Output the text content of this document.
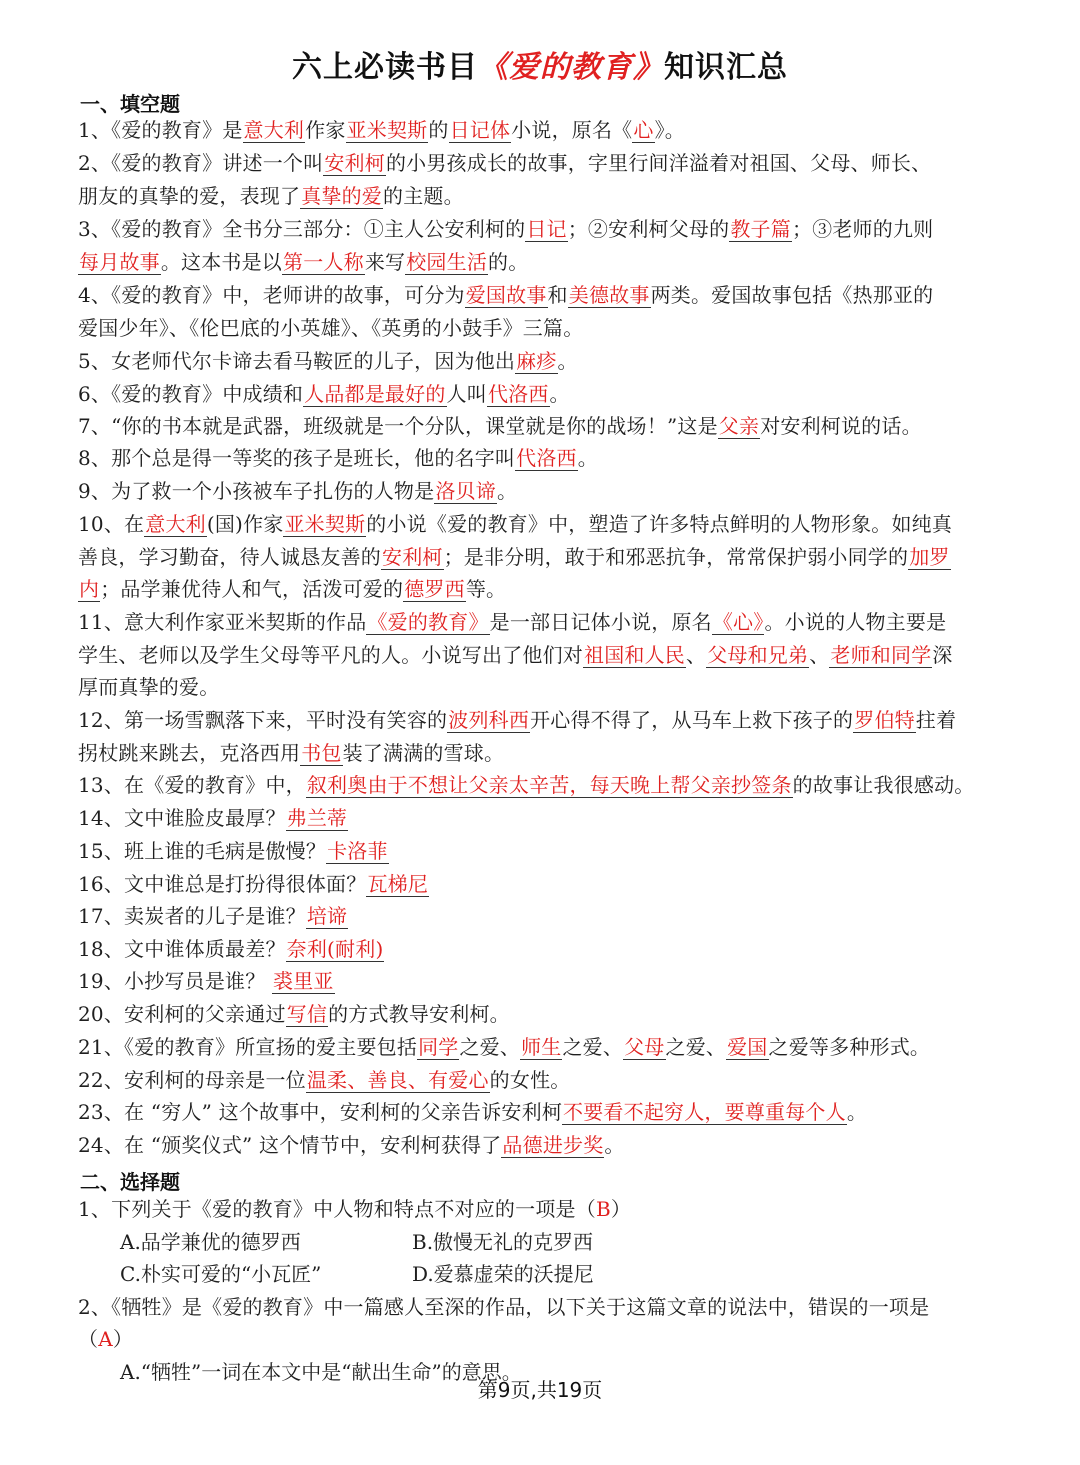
六上必读书目《爱的教育》知识汇总
一、填空题
1、《爱的教育》是意大利作家亚米契斯的日记体小说，原名《心》。
2、《爱的教育》讲述一个叫安利柯的小男孩成长的故事，字里行间洋溢着对祖国、父母、师长、
朋友的真挚的爱，表现了真挚的爱的主题。
3、《爱的教育》全书分三部分：①主人公安利柯的日记；②安利柯父母的教子篇；③老师的九则
每月故事。这本书是以第一人称来写校园生活的。
4、《爱的教育》中，老师讲的故事，可分为爱国故事和美德故事两类。爱国故事包括《热那亚的
爱国少年》、《伦巴底的小英雄》、《英勇的小鼓手》三篇。
5、女老师代尔卡谛去看马鞍匠的儿子，因为他出麻疹。
6、《爱的教育》中成绩和人品都是最好的人叫代洛西。
7、“你的书本就是武器，班级就是一个分队，课堂就是你的战场！”这是父亲对安利柯说的话。
8、那个总是得一等奖的孩子是班长，他的名字叫代洛西。
9、为了救一个小孩被车子扎伤的人物是洛贝谛。
10、在意大利(国)作家亚米契斯的小说《爱的教育》中，塑造了许多特点鲜明的人物形象。如纯真
善良，学习勤奋，待人诚恳友善的安利柯；是非分明，敢于和邪恶抗争，常常保护弱小同学的加罗
内；品学兼优待人和气，活泼可爱的德罗西等。
11、意大利作家亚米契斯的作品《爱的教育》是一部日记体小说，原名《心》。小说的人物主要是
学生、老师以及学生父母等平凡的人。小说写出了他们对祖国和人民、父母和兄弟、老师和同学深
厚而真挚的爱。
12、第一场雪飘落下来，平时没有笑容的波列科西开心得不得了，从马车上救下孩子的罗伯特拄着
拐杖跳来跳去，克洛西用书包装了满满的雪球。
13、在《爱的教育》中，叙利奥由于不想让父亲太辛苦，每天晚上帮父亲抄签条的故事让我很感动。
14、文中谁脸皮最厚？弗兰蒂
15、班上谁的毛病是傲慢？卡洛菲
16、文中谁总是打扮得很体面？瓦梯尼
17、卖炭者的儿子是谁？培谛
18、文中谁体质最差？奈利(耐利)
19、小抄写员是谁？ 裘里亚
20、安利柯的父亲通过写信的方式教导安利柯。
21、《爱的教育》所宣扬的爱主要包括同学之爱、师生之爱、父母之爱、爱国之爱等多种形式。
22、安利柯的母亲是一位温柔、善良、有爱心的女性。
23、在 “穷人” 这个故事中，安利柯的父亲告诉安利柯不要看不起穷人，要尊重每个人。
24、在 “颁奖仪式” 这个情节中，安利柯获得了品德进步奖。
二、选择题
1、下列关于《爱的教育》中人物和特点不对应的一项是（B）
A.品学兼优的德罗西	B.傲慢无礼的克罗西
C.朴实可爱的“小瓦匠”	D.爱慕虚荣的沃提尼
2、《牺牲》是《爱的教育》中一篇感人至深的作品，以下关于这篇文章的说法中，错误的一项是
（A）
A.“牺牲”一词在本文中是“献出生命”的意思。
第9页,共19页
